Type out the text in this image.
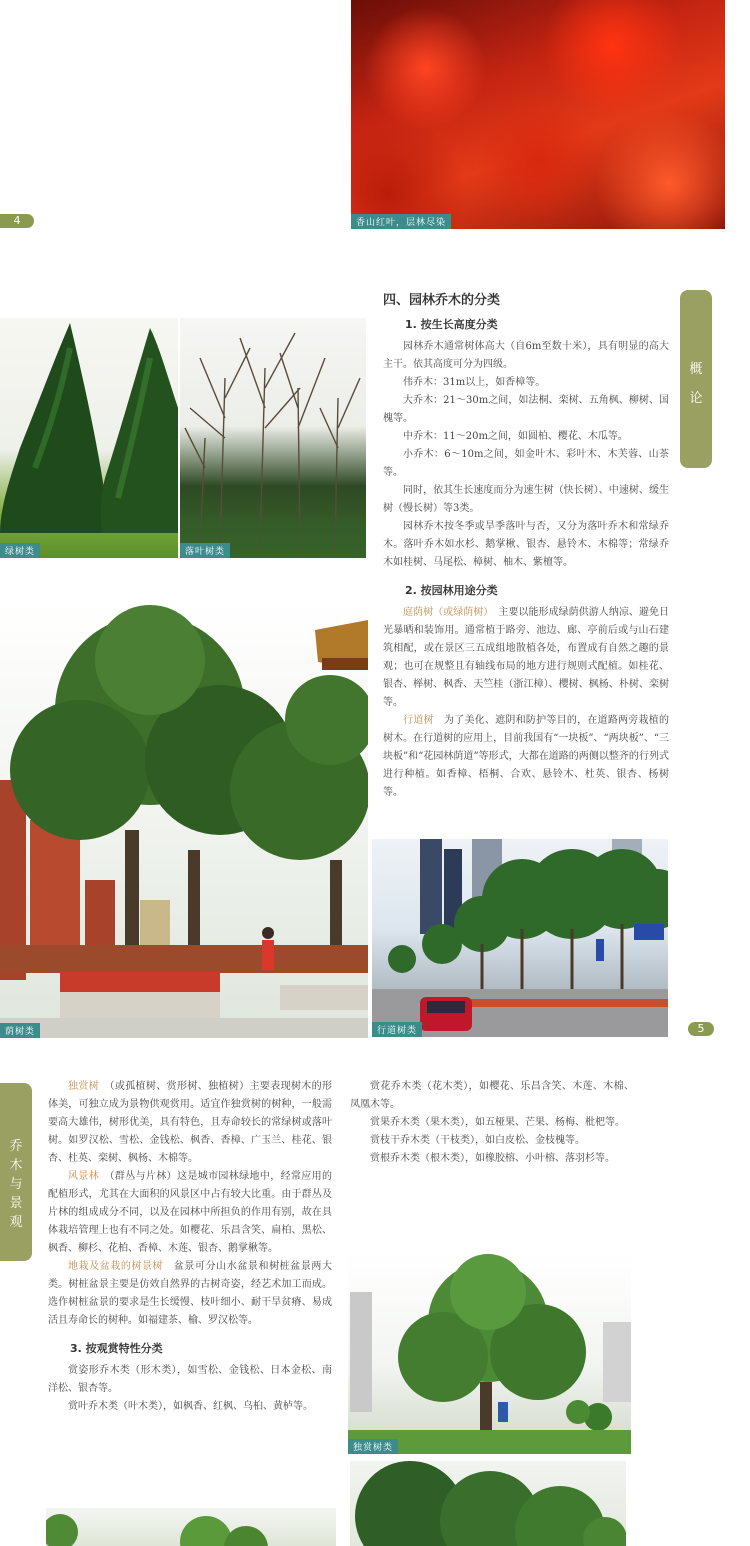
香山红叶，层林尽染
4
绿树类	落叶树类
荫树类	行道树类	5
概
论
四、园林乔木的分类
1. 按生长高度分类

园林乔木通常树体高大（自6m至数十米），具有明显的高大主干。依其高度可分为四级。

伟乔木：31m以上，如香樟等。

大乔木：21～30m之间，如法桐、栾树、五角枫、柳树、国槐等。

中乔木：11～20m之间，如圆柏、樱花、木瓜等。

小乔木：6～10m之间，如金叶木、彩叶木、木芙蓉、山茶等。

同时，依其生长速度而分为速生树（快长树）、中速树、缓生树（慢长树）等3类。

园林乔木按冬季或旱季落叶与否，又分为落叶乔木和常绿乔木。落叶乔木如水杉、鹅掌楸、银杏、悬铃木、木棉等；常绿乔木如桂树、马尾松、樟树、柚木、紫檀等。

2. 按园林用途分类

庭荫树（或绿荫树）　 主要以能形成绿荫供游人纳凉、避免日光暴晒和装饰用。通常植于路旁、池边、廊、亭前后或与山石建筑相配，或在景区三五成组地散植各处，布置成有自然之趣的景观；也可在规整且有轴线布局的地方进行规则式配植。如桂花、银杏、榉树、枫香、天竺桂（浙江樟）、樱树、枫杨、朴树、栾树等。

行道树　 为了美化、遮阴和防护等目的，在道路两旁栽植的树木。在行道树的应用上，目前我国有“一块板”、“两块板”、“三块板”和“花园林荫道”等形式，大都在道路的两侧以整齐的行列式进行种植。如香樟、梧桐、合欢、悬铃木、杜英、银杏、杨树等。

乔
木
与
景
观

独赏树　 （或孤植树、赏形树、独植树）主要表现树木的形体美，可独立成为景物供观赏用。适宜作独赏树的树种，一般需要高大雄伟，树形优美，具有特色，且寿命较长的常绿树或落叶树。如罗汉松、雪松、金钱松、枫香、香樟、广玉兰、桂花、银杏、杜英、栾树、枫杨、木棉等。

风景林　 （群丛与片林）这是城市园林绿地中，经常应用的配植形式，尤其在大面积的风景区中占有较大比重。由于群丛及片林的组成成分不同，以及在园林中所担负的作用有别，故在具体栽培管理上也有不同之处。如樱花、乐昌含笑、扁柏、黑松、枫香、柳杉、花柏、香樟、木莲、银杏、鹅掌楸等。

地栽及盆栽的树景树　 盆景可分山水盆景和树桩盆景两大类。树桩盆景主要是仿效自然界的古树奇姿，经艺术加工而成。选作树桩盆景的要求是生长缓慢、枝叶细小、耐干旱贫瘠、易成活且寿命长的树种。如福建茶、榆、罗汉松等。

3. 按观赏特性分类

赏姿形乔木类（形木类），如雪松、金钱松、日本金松、南洋松、银杏等。

赏叶乔木类（叶木类），如枫香、红枫、乌桕、黄栌等。

赏花乔木类（花木类），如樱花、乐昌含笑、木莲、木棉、凤凰木等。

赏果乔木类（果木类），如五桠果、芒果、杨梅、枇杷等。

赏枝干乔木类（干枝类），如白皮松、金枝槐等。

赏根乔木类（根木类），如橡胶榕、小叶榕、落羽杉等。

独赏树类
